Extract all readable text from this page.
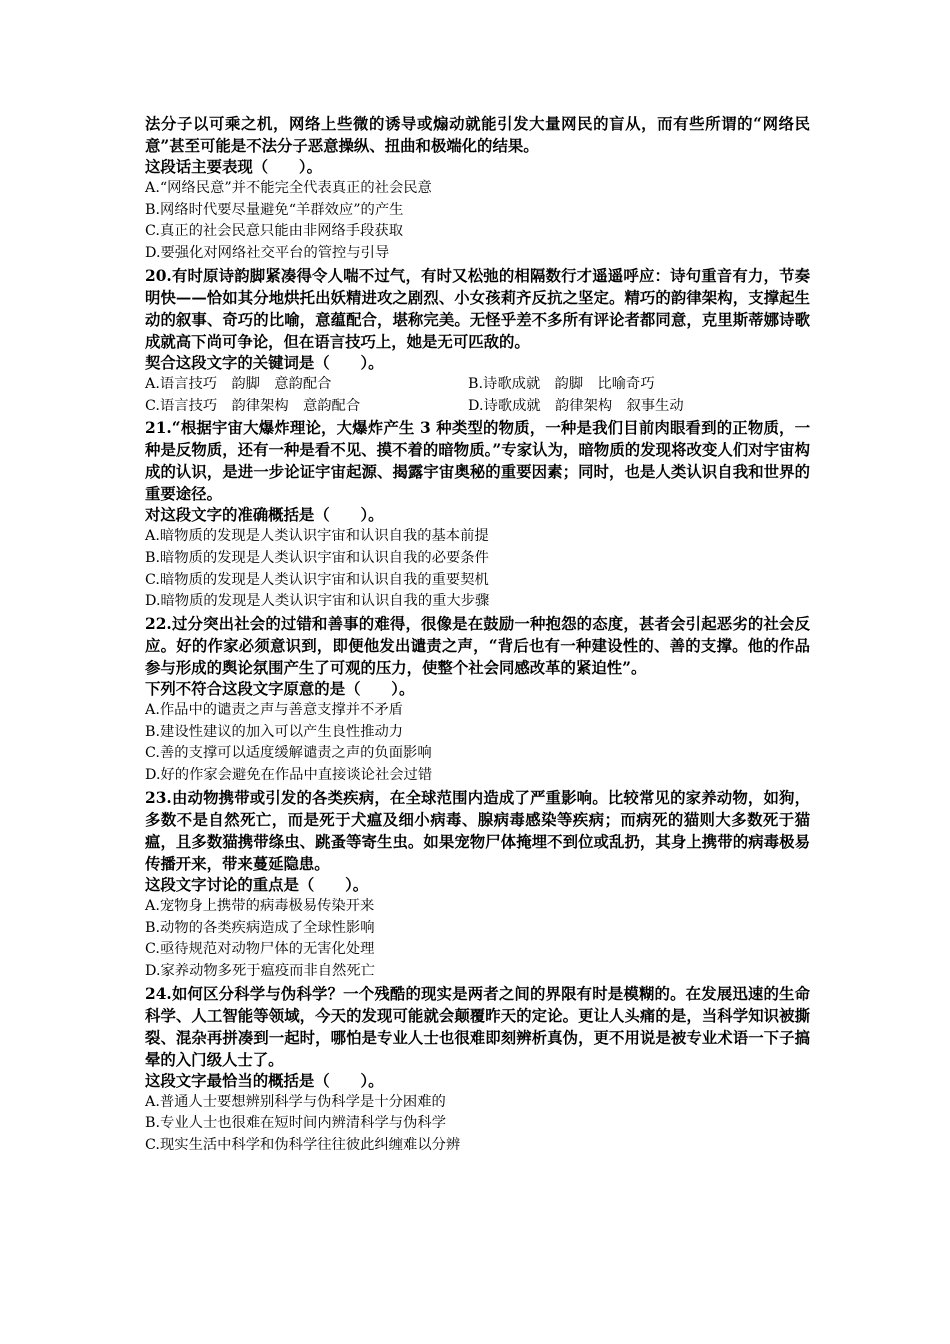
法分子以可乘之机，网络上些微的诱导或煽动就能引发大量网民的盲从，而有些所谓的“网络民意”甚至可能是不法分子恶意操纵、扭曲和极端化的结果。

这段话主要表现（　　）。

A.“网络民意”并不能完全代表真正的社会民意

B.网络时代要尽量避免“羊群效应”的产生

C.真正的社会民意只能由非网络手段获取

D.要强化对网络社交平台的管控与引导

20.有时原诗韵脚紧凑得令人喘不过气，有时又松弛的相隔数行才遥遥呼应：诗句重音有力，节奏明快——恰如其分地烘托出妖精进攻之剧烈、小女孩莉齐反抗之坚定。精巧的韵律架构，支撑起生动的叙事、奇巧的比喻，意蕴配合，堪称完美。无怪乎差不多所有评论者都同意，克里斯蒂娜诗歌成就高下尚可争论，但在语言技巧上，她是无可匹敌的。

契合这段文字的关键词是（　　）。

A.语言技巧　韵脚　意韵配合	B.诗歌成就　韵脚　比喻奇巧

C.语言技巧　韵律架构　意韵配合	D.诗歌成就　韵律架构　叙事生动

21.“根据宇宙大爆炸理论，大爆炸产生 3 种类型的物质，一种是我们目前肉眼看到的正物质，一种是反物质，还有一种是看不见、摸不着的暗物质。”专家认为，暗物质的发现将改变人们对宇宙构成的认识，是进一步论证宇宙起源、揭露宇宙奥秘的重要因素；同时，也是人类认识自我和世界的重要途径。

对这段文字的准确概括是（　　）。

A.暗物质的发现是人类认识宇宙和认识自我的基本前提

B.暗物质的发现是人类认识宇宙和认识自我的必要条件

C.暗物质的发现是人类认识宇宙和认识自我的重要契机

D.暗物质的发现是人类认识宇宙和认识自我的重大步骤

22.过分突出社会的过错和善事的难得，很像是在鼓励一种抱怨的态度，甚者会引起恶劣的社会反应。好的作家必须意识到，即便他发出谴责之声，“背后也有一种建设性的、善的支撑。他的作品参与形成的舆论氛围产生了可观的压力，使整个社会同感改革的紧迫性”。

下列不符合这段文字原意的是（　　）。

A.作品中的谴责之声与善意支撑并不矛盾

B.建设性建议的加入可以产生良性推动力

C.善的支撑可以适度缓解谴责之声的负面影响

D.好的作家会避免在作品中直接谈论社会过错

23.由动物携带或引发的各类疾病，在全球范围内造成了严重影响。比较常见的家养动物，如狗，多数不是自然死亡，而是死于犬瘟及细小病毒、腺病毒感染等疾病；而病死的猫则大多数死于猫瘟，且多数猫携带绦虫、跳蚤等寄生虫。如果宠物尸体掩埋不到位或乱扔，其身上携带的病毒极易传播开来，带来蔓延隐患。

这段文字讨论的重点是（　　）。

A.宠物身上携带的病毒极易传染开来

B.动物的各类疾病造成了全球性影响

C.亟待规范对动物尸体的无害化处理

D.家养动物多死于瘟疫而非自然死亡

24.如何区分科学与伪科学？一个残酷的现实是两者之间的界限有时是模糊的。在发展迅速的生命科学、人工智能等领域，今天的发现可能就会颠覆昨天的定论。更让人头痛的是，当科学知识被撕裂、混杂再拼凑到一起时，哪怕是专业人士也很难即刻辨析真伪，更不用说是被专业术语一下子搞晕的入门级人士了。

这段文字最恰当的概括是（　　）。

A.普通人士要想辨别科学与伪科学是十分困难的

B.专业人士也很难在短时间内辨清科学与伪科学

C.现实生活中科学和伪科学往往彼此纠缠难以分辨
